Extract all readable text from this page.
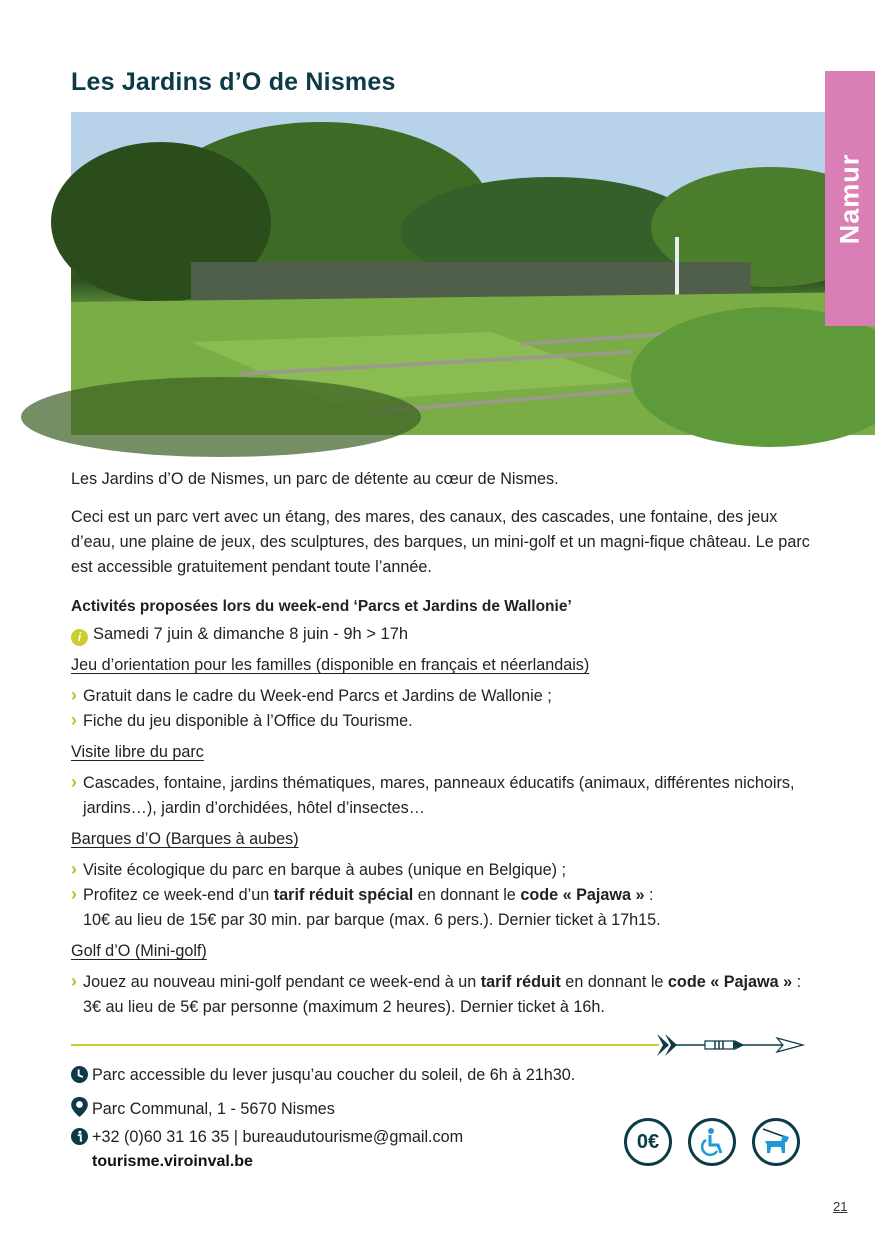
Les Jardins d’O de Nismes
© OT Viroinval
Namur

Les Jardins d’O de Nismes, un parc de détente au cœur de Nismes.

Ceci est un parc vert avec un étang, des mares, des canaux, des cascades, une fontaine, des jeux d’eau, une plaine de jeux, des sculptures, des barques, un mini-golf et un magni-fique château. Le parc est accessible gratuitement pendant toute l’année.

Activités proposées lors du week-end ‘Parcs et Jardins de Wallonie’

i Samedi 7 juin & dimanche 8 juin - 9h > 17h

Jeu d’orientation pour les familles (disponible en français et néerlandais)

› Gratuit dans le cadre du Week-end Parcs et Jardins de Wallonie ;

› Fiche du jeu disponible à l’Office du Tourisme.

Visite libre du parc

› Cascades, fontaine, jardins thématiques, mares, panneaux éducatifs (animaux, différentes nichoirs, jardins…), jardin d’orchidées, hôtel d’insectes…

Barques d’O (Barques à aubes)

› Visite écologique du parc en barque à aubes (unique en Belgique) ;

› Profitez ce week-end d’un tarif réduit spécial en donnant le code « Pajawa » :
10€ au lieu de 15€ par 30 min. par barque (max. 6 pers.). Dernier ticket à 17h15.

Golf d’O (Mini-golf)

› Jouez au nouveau mini-golf pendant ce week-end à un tarif réduit en donnant le code « Pajawa » : 3€ au lieu de 5€ par personne (maximum 2 heures). Dernier ticket à 16h.

Parc accessible du lever jusqu’au coucher du soleil, de 6h à 21h30.
Parc Communal, 1 - 5670 Nismes
+32 (0)60 31 16 35 | bureaudutourisme@gmail.com
tourisme.viroinval.be
0€
21
